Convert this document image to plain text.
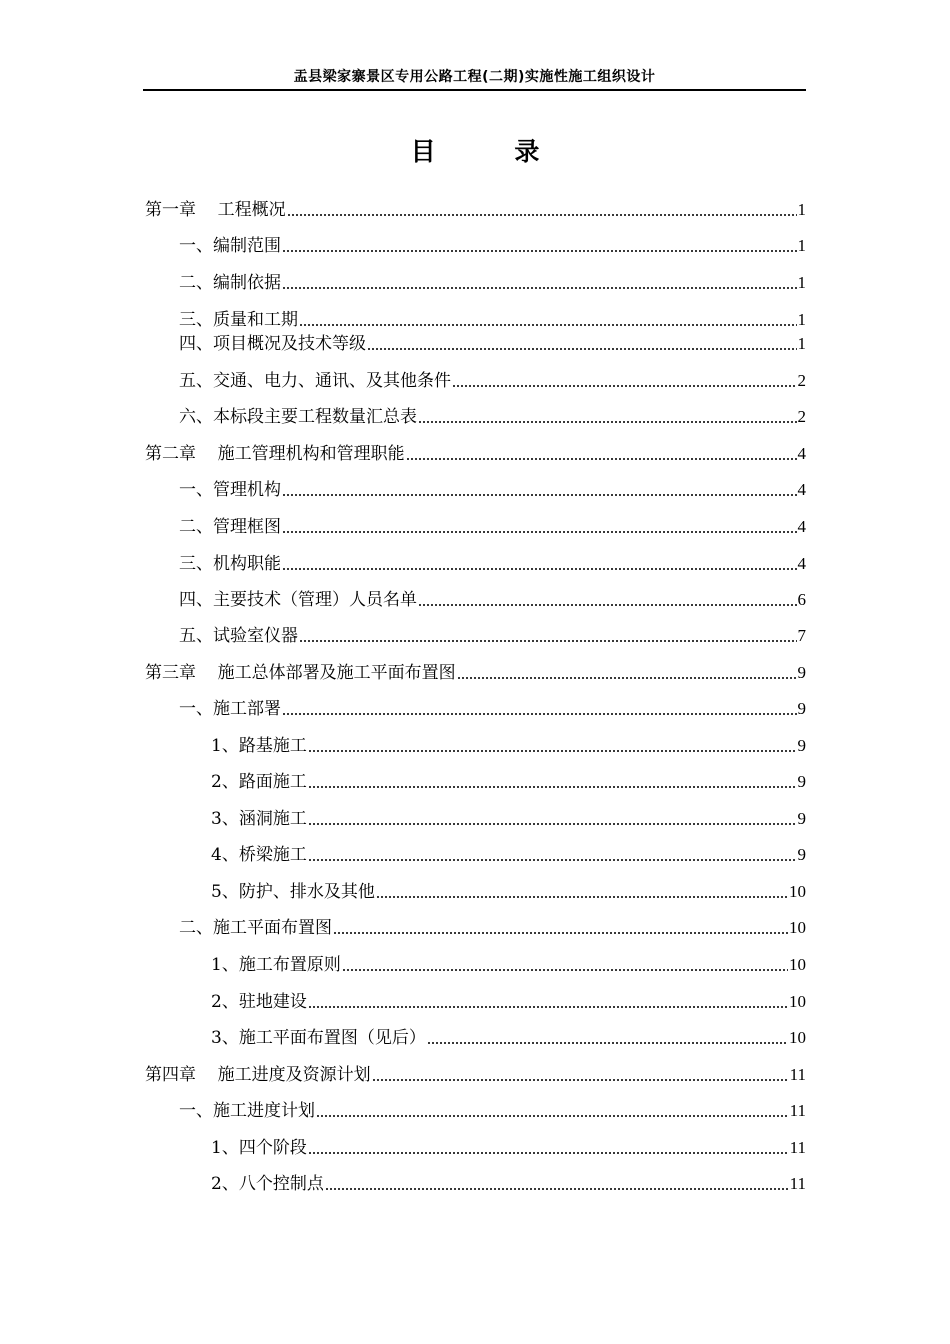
盂县梁家寨景区专用公路工程(二期)实施性施工组织设计
目 录
第一章    工程概况	1
一、编制范围	1
二、编制依据	1
三、质量和工期	1
四、项目概况及技术等级	1
五、交通、电力、通讯、及其他条件	2
六、本标段主要工程数量汇总表	2
第二章    施工管理机构和管理职能	4
一、管理机构	4
二、管理框图	4
三、机构职能	4
四、主要技术（管理）人员名单	6
五、试验室仪器	7
第三章    施工总体部署及施工平面布置图	9
一、施工部署	9
1、路基施工	9
2、路面施工	9
3、涵洞施工	9
4、桥梁施工	9
5、防护、排水及其他	10
二、施工平面布置图	10
1、施工布置原则	10
2、驻地建设	10
3、施工平面布置图（见后）	10
第四章    施工进度及资源计划	11
一、施工进度计划	11
1、四个阶段	11
2、八个控制点	11
